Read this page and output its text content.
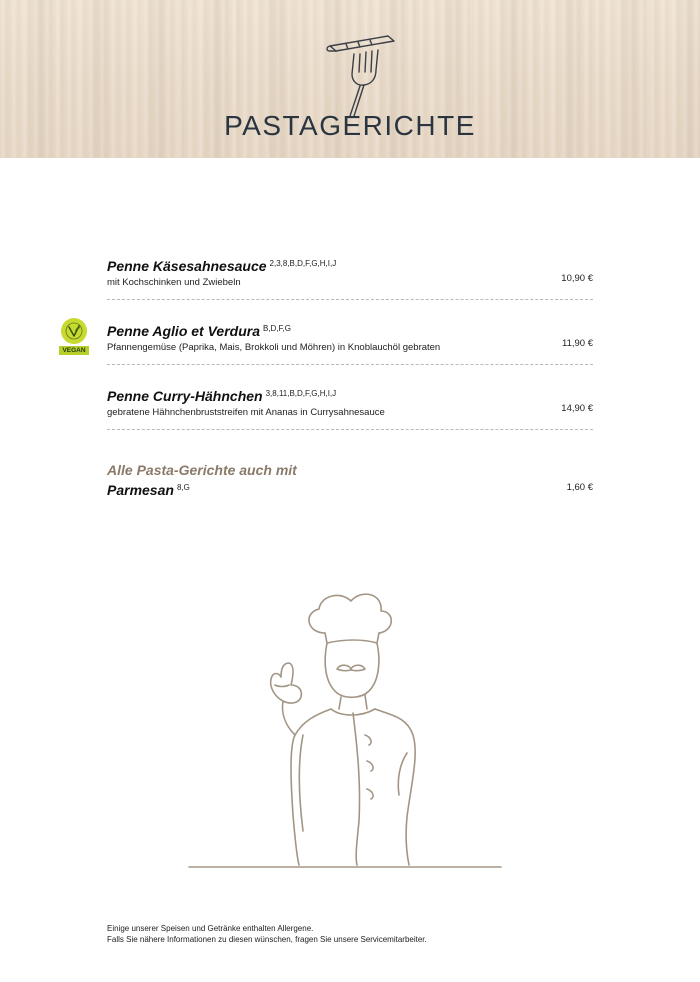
PASTAGERICHTE
Penne Käsesahnesauce $^{2,3,8,B,D,F,G,H,I,J}$
mit Kochschinken und Zwiebeln	10,90 €
VEGAN
Penne Aglio et Verdura $^{B,D,F,G}$
Pfannengemüse (Paprika, Mais, Brokkoli und Möhren) in Knoblauchöl gebraten	11,90 €
Penne Curry-Hähnchen $^{3,8,11,B,D,F,G,H,I,J}$
gebratene Hähnchenbruststreifen mit Ananas in Currysahnesauce	14,90 €
Alle Pasta-Gerichte auch mit
Parmesan $^{8,G}$	1,60 €
Einige unserer Speisen und Getränke enthalten Allergene.
Falls Sie nähere Informationen zu diesen wünschen, fragen Sie unsere Servicemitarbeiter.
